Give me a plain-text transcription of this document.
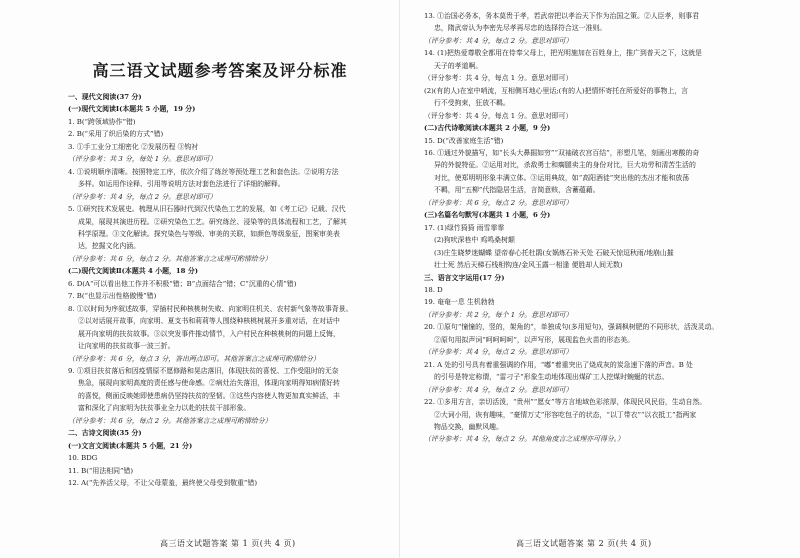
高三语文试题参考答案及评分标准
一、现代文阅读(37 分)
(一)现代文阅读Ⅰ(本题共 5 小题，19 分)
1. B(“跨领域协作”错)
2. B(“采用了织后染的方式”错)
3. ①手工业分工细密化 ②发展历程 ③钩衬
（评分参考：共 3 分，每处 1 分。意思对即可）
4. ①说明顺序清晰。按照特定工序，依次介绍了练丝等预处理工艺和套色法。②说明方法
多样。如运用作诠释、引用等说明方法对套色法进行了详细的解释。
（评分参考：共 4 分，每点 2 分。意思对即可）
5. ①研究技术发展史。梳理从旧石器时代到汉代染色工艺的发展，如《考工记》记载、汉代
成果，展现其演进历程。②研究染色工艺。研究练丝、浸染等的具体流程和工艺，了解其
科学原理。③文化解读。探究染色与等级、审美的关联，如颜色等级象征，图案审美表
达，挖掘文化内涵。
（评分参考：共 6 分，每点 2 分。其他答案言之成理可酌情给分）
(二)现代文阅读Ⅱ(本题共 4 小题，18 分)
6. D(A“可以看出他工作并不积极”错；B“点面结合”错；C“沉重的心情”错)
7. B(“也显示出性格傲慢”错)
8. ①以时间为序叙述故事，穿插村民种核桃树失败、向家明住机关、农村新气象等故事背景。
②以对话展开故事，向家明、夏支书和莉莉等人围绕种核桃树展开多重对话，在对话中
展开向家明的扶贫故事。③以突发事件推动情节，入户村民在种核桃树的问题上反悔，
让向家明的扶贫故事一波三折。
（评分参考：共 6 分，每点 3 分，答出两点即可。其他答案言之成理可酌情给分）
9. ①项目扶贫落后和因疫情原不愿修路和晃店落旧，体现扶贫的喜悦、工作受阻时的无奈
焦急，展现向家明高度的责任感与使命感。②病灶治失落泪，体现向家明得知病情好转
的喜悦，侧面反映她即使患病仍坚持扶贫的坚韧。③这些内容使人物更加真实鲜活，丰
富和深化了向家明为扶贫事业全力以赴的扶贫干部形象。
（评分参考：共 6 分，每点 2 分。其他答案言之成理可酌情给分）
二、古诗文阅读(35 分)
(一)文言文阅读(本题共 5 小题，21 分)
10. BDG
11. B(“用法相同”错)
12. A(“先养活父母，不让父母蒙羞，最终使父母受到敬重”错)
13. ①治国必务本，务本莫贵于孝，若武帝把以孝治天下作为治国之策。②人臣孝，则事君
忠，隋武帝认为李密先尽孝再尽忠的选择符合这一准则。
（评分参考：共 4 分，每点 2 分。意思对即可）
14. (1)把热爱尊敬全都用在侍奉父母上，把光明施加在百姓身上，推广到普天之下，这就是
天子的孝道啊。
（评分参考：共 4 分，每点 1 分。意思对即可）
(2)(有的人)在室中哨流，互相侧耳地心里话;(有的人)把情怀寄托在所爱好的事物上，言
行不受拘束，狂放不羁。
（评分参考：共 4 分，每点 1 分。意思对即可）
(二)古代诗歌阅读(本题共 2 小题，9 分)
15. D(“改善家庭生活”错)
16. ①通过外貌描写，如“长头大鼻掘如穷”“双袖破衣宫百结”，形塑几笔，刻画出寒酸的奇
异的外貌特征。②运用对比，杀敌勇士和瘸腿卖主的身份对比，巨大功劳和清苦生活的
对比，使郑明明形象丰满立体。③运用典故，如“高阳酒徒”突出他的杰出才能和放荡
不羁，用“五柳”代指隐居生活，言简意赅，含蓄蕴藉。
（评分参考：共 6 分，每点 2 分。意思对即可）
(三)名篇名句默写(本题共 1 小题，6 分)
17. (1)绿竹猗猗 雨雪霏霏
(2)狗吠深巷中 鸡鸣桑树颠
(3)庄生晓梦迷蝴蝶 望帝春心托杜鹃(女娲炼石补天处 石破天惊逗秋雨/地崩山摧
壮士死 然后天梯石栈相钩连/金风玉露一相逢 便胜却人间无数)
三、语言文字运用(17 分)
18. D
19. 奄奄一息 生机勃勃
（评分参考：共 2 分，每个 1 分。意思对即可）
20. ①原句“憧憧的，竖的，架角的”，单独成句(多用短句)，强调枫树肥的不同形状，活泼灵动。
②原句用拟声词“呵呵呵呵”，以声写形，展现监色火苗的形态美。
（评分参考：共 4 分，每点 2 分。意思对即可）
21. A 处的引号具有着重强调的作用，“嘟”着重突出了烧成灰的炭急速下落的声音。B 处
的引号是特定称谓，“雷刁子”形象生动地体现出煤矿工人挖煤时蜿蜒的状态。
（评分参考：共 4 分，每点 2 分。意思对即可）
22. ①多用方言，亲切活泼，“贵州”“愿女”等方言地域色彩浓厚，体现民风民俗，生动自然。
②大词小用，诙有趣味，“豪情万丈”形容吃包子的状态，“以丁带衣”“以衣抵工”指两家
物品交换，幽默风趣。
（评分参考：共 4 分，每点 2 分。其他角度言之成理亦可得分。）
高三语文试题答案 第 1 页(共 4 页)	高三语文试题答案 第 2 页(共 4 页)
